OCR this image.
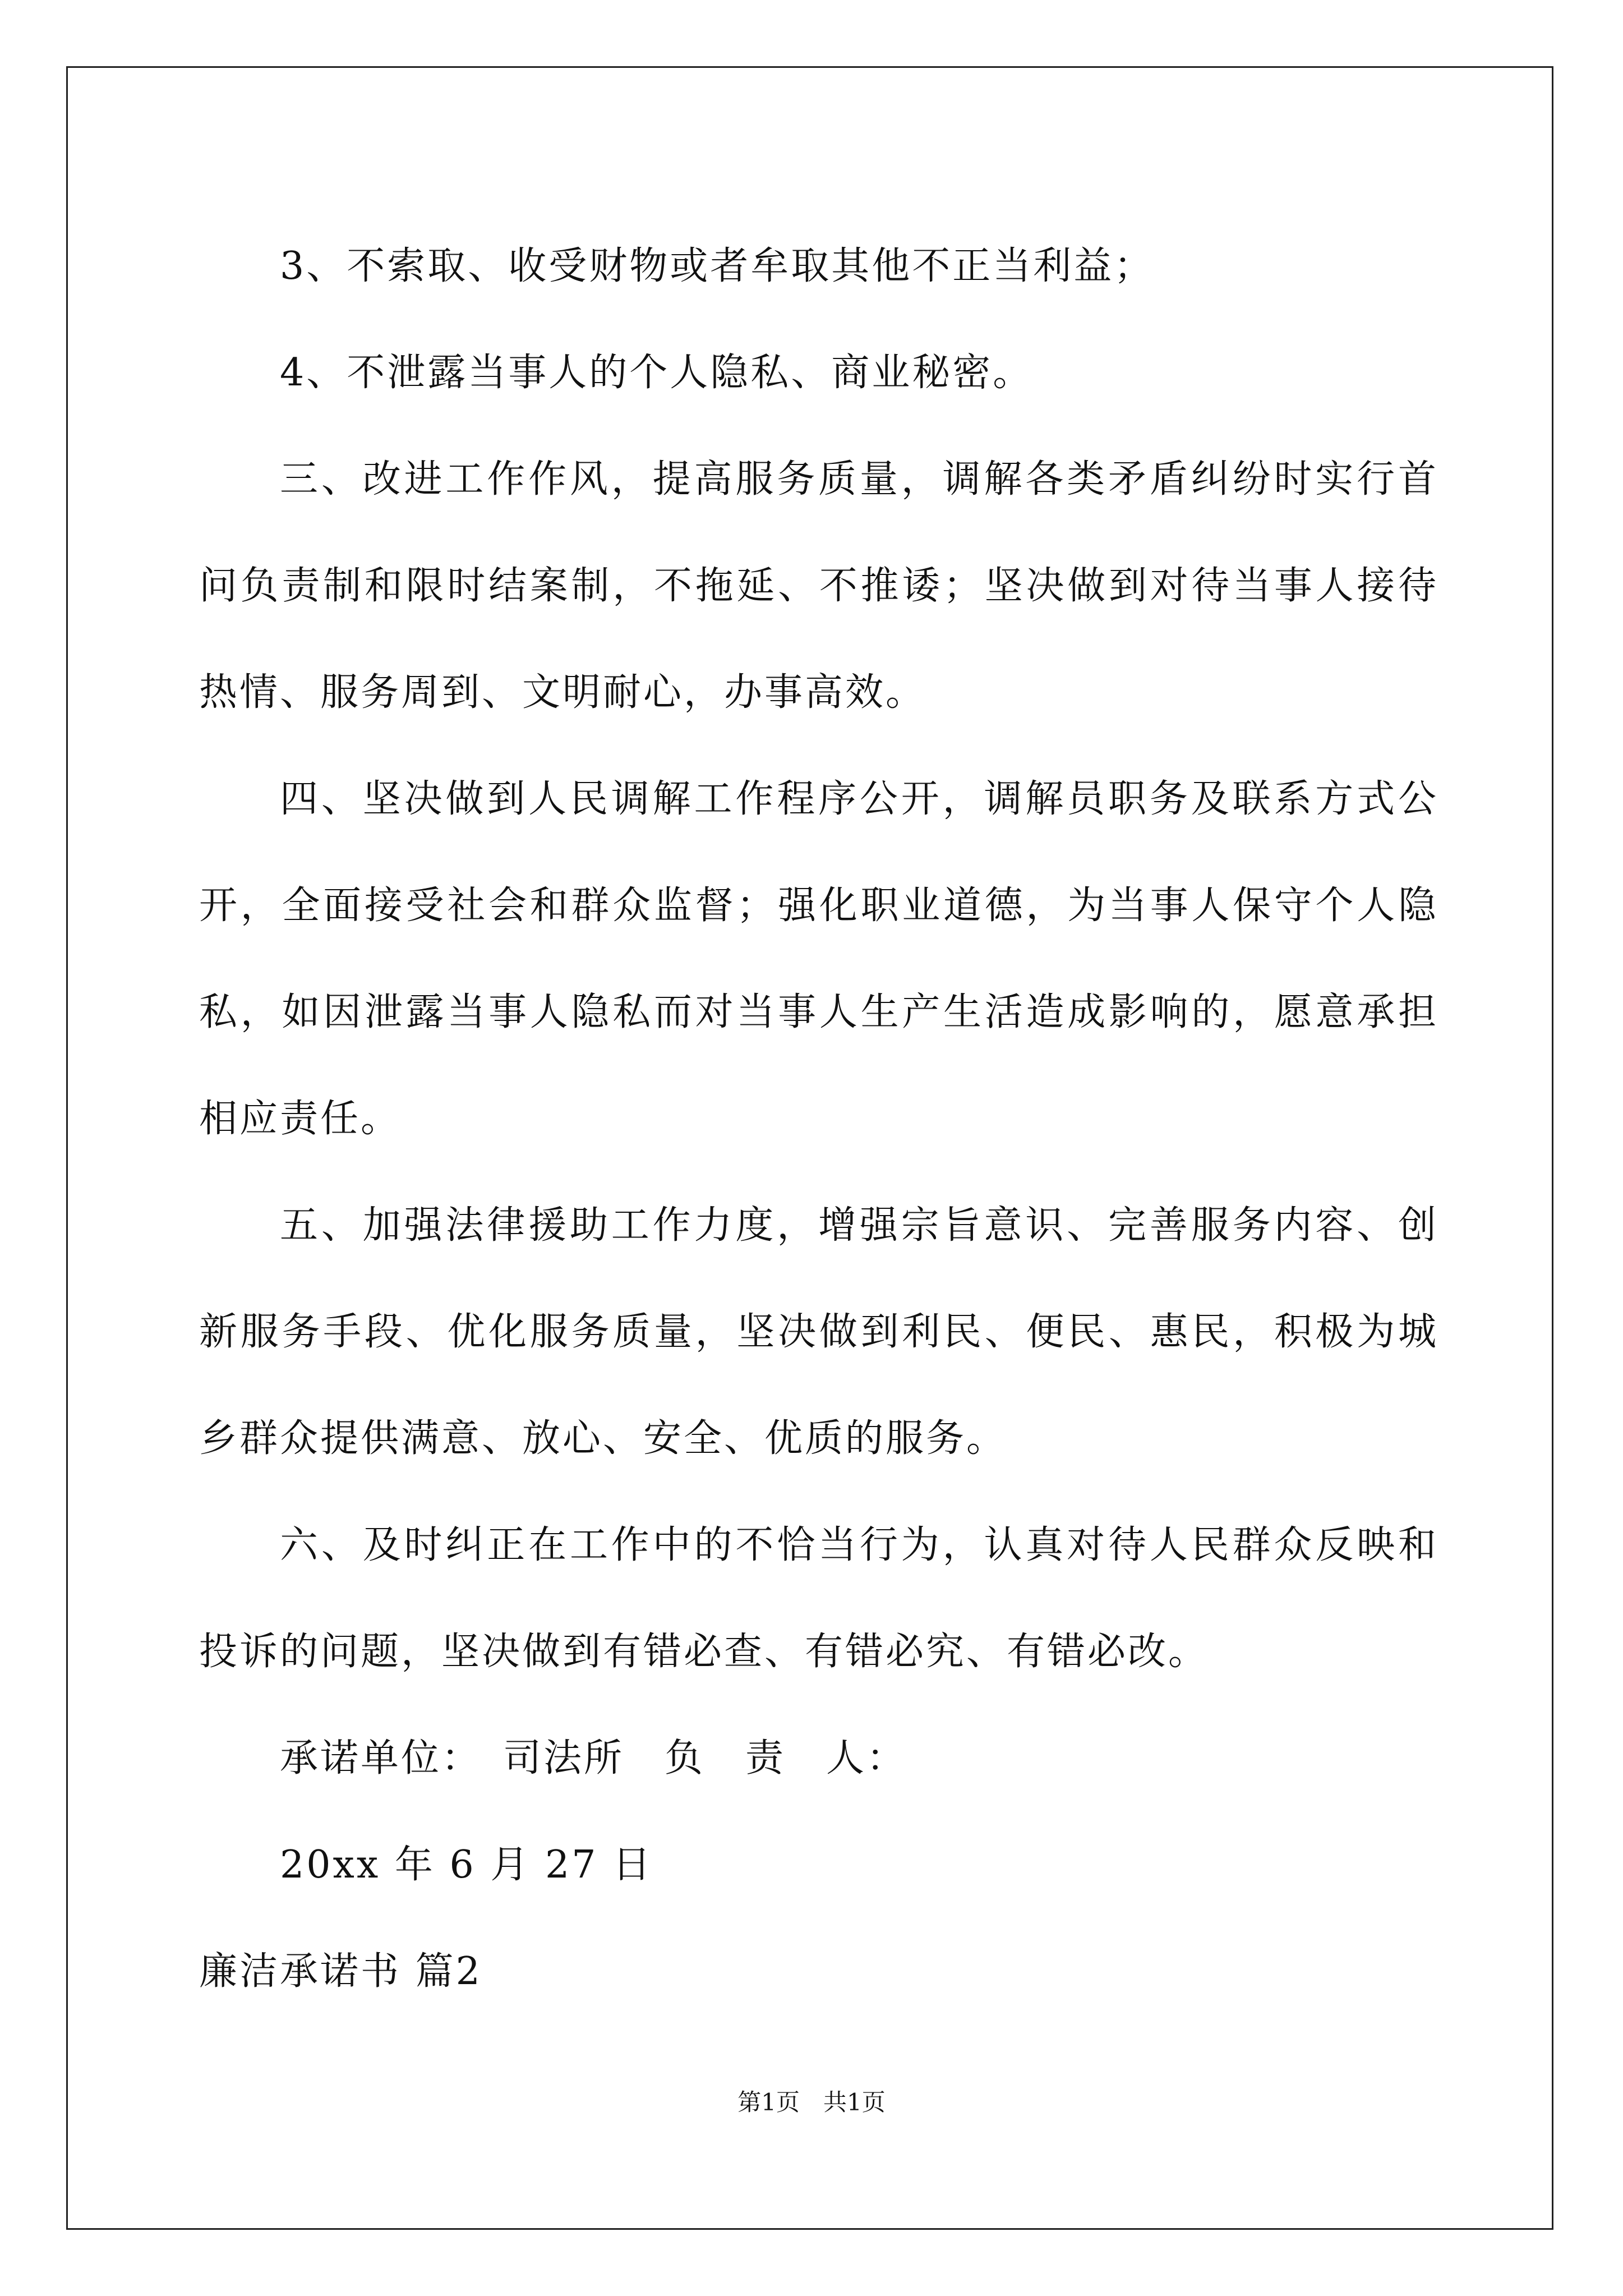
3、不索取、收受财物或者牟取其他不正当利益；

4、不泄露当事人的个人隐私、商业秘密。

三、改进工作作风，提高服务质量，调解各类矛盾纠纷时实行首问负责制和限时结案制，不拖延、不推诿；坚决做到对待当事人接待热情、服务周到、文明耐心，办事高效。

四、坚决做到人民调解工作程序公开，调解员职务及联系方式公开，全面接受社会和群众监督；强化职业道德，为当事人保守个人隐私，如因泄露当事人隐私而对当事人生产生活造成影响的，愿意承担相应责任。

五、加强法律援助工作力度，增强宗旨意识、完善服务内容、创新服务手段、优化服务质量，坚决做到利民、便民、惠民，积极为城乡群众提供满意、放心、安全、优质的服务。

六、及时纠正在工作中的不恰当行为，认真对待人民群众反映和投诉的问题，坚决做到有错必查、有错必究、有错必改。

承诺单位：　司法所　负　责　人：

20xx 年 6 月 27 日

廉洁承诺书 篇2

第1页　共1页
